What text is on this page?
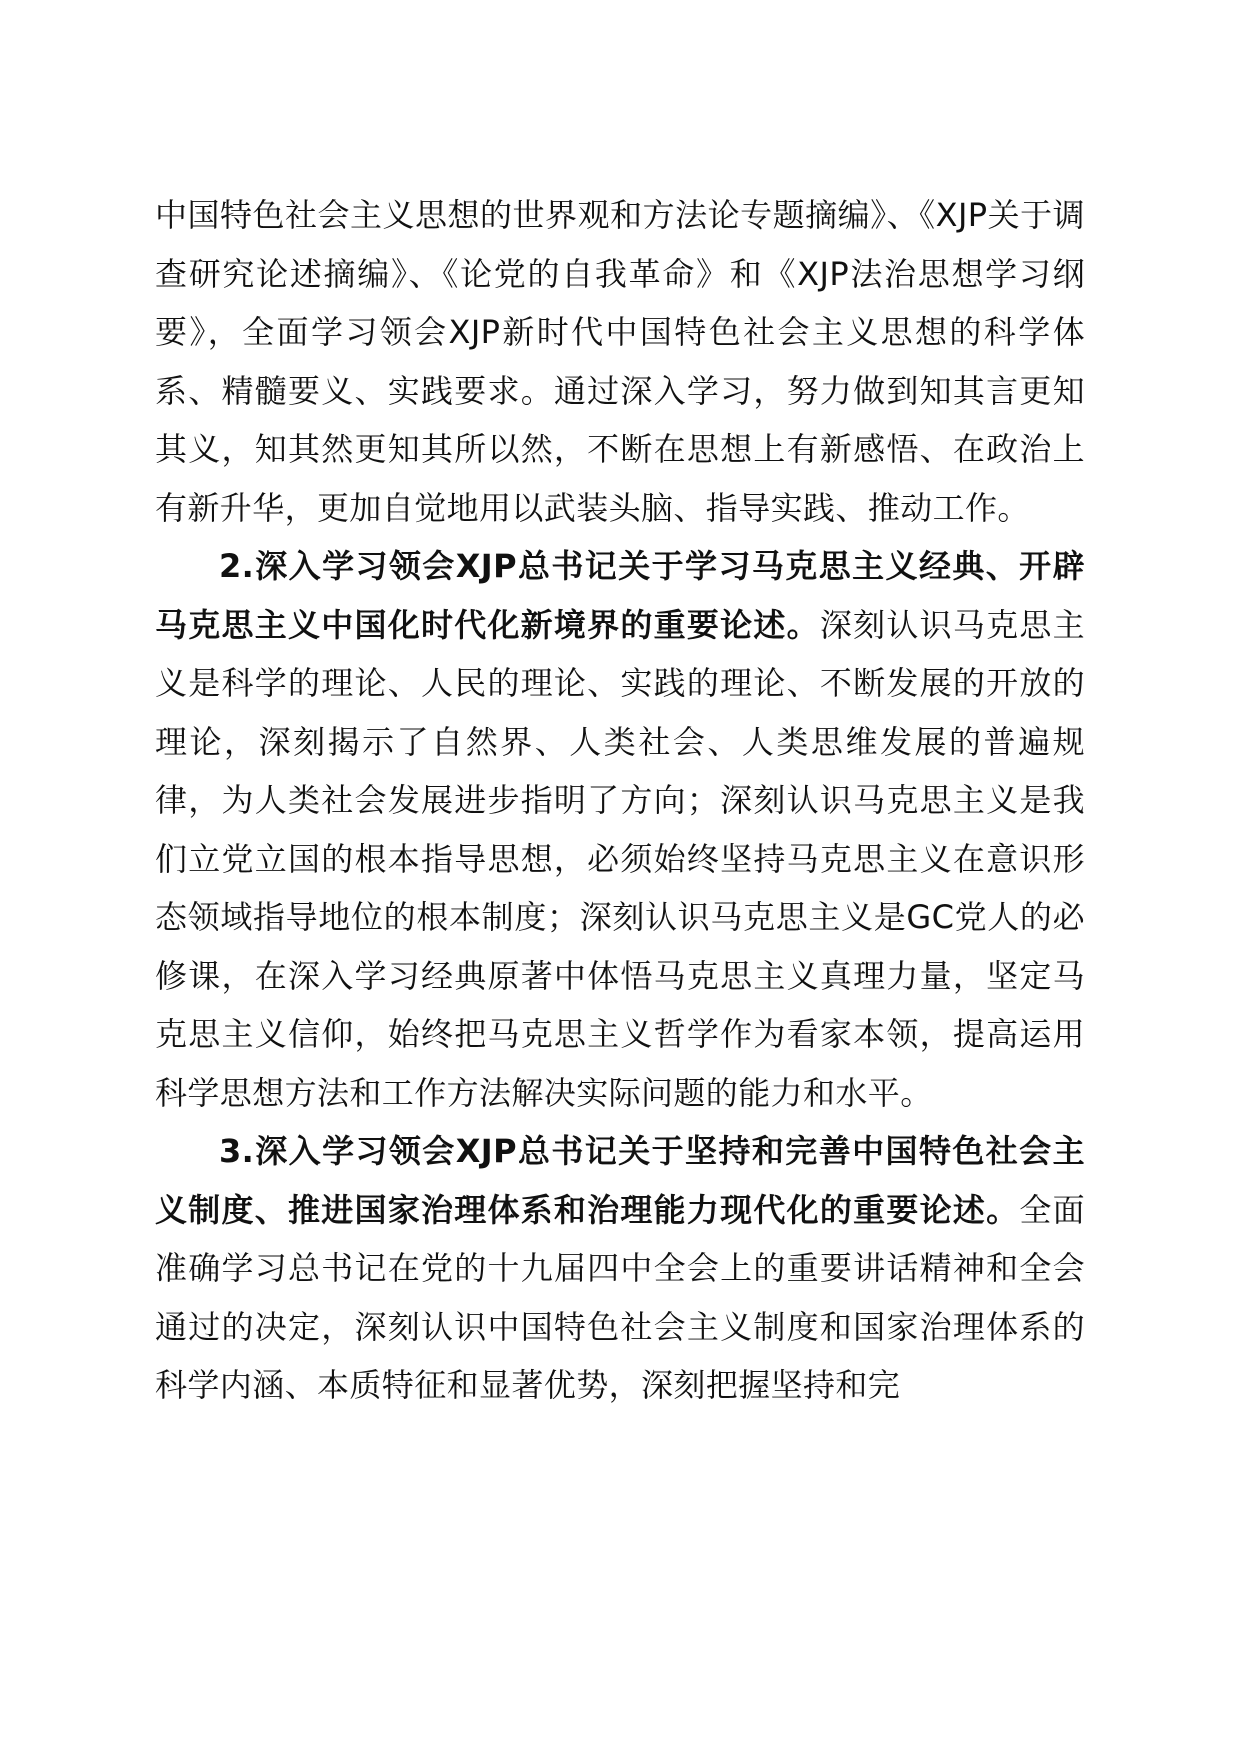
中国特色社会主义思想的世界观和方法论专题摘编》、《XJP关于调查研究论述摘编》、《论党的自我革命》和《XJP法治思想学习纲要》，全面学习领会XJP新时代中国特色社会主义思想的科学体系、精髓要义、实践要求。通过深入学习，努力做到知其言更知其义，知其然更知其所以然，不断在思想上有新感悟、在政治上有新升华，更加自觉地用以武装头脑、指导实践、推动工作。

2.深入学习领会XJP总书记关于学习马克思主义经典、开辟马克思主义中国化时代化新境界的重要论述。深刻认识马克思主义是科学的理论、人民的理论、实践的理论、不断发展的开放的理论，深刻揭示了自然界、人类社会、人类思维发展的普遍规律，为人类社会发展进步指明了方向；深刻认识马克思主义是我们立党立国的根本指导思想，必须始终坚持马克思主义在意识形态领域指导地位的根本制度；深刻认识马克思主义是GC党人的必修课，在深入学习经典原著中体悟马克思主义真理力量，坚定马克思主义信仰，始终把马克思主义哲学作为看家本领，提高运用科学思想方法和工作方法解决实际问题的能力和水平。

3.深入学习领会XJP总书记关于坚持和完善中国特色社会主义制度、推进国家治理体系和治理能力现代化的重要论述。全面准确学习总书记在党的十九届四中全会上的重要讲话精神和全会通过的决定，深刻认识中国特色社会主义制度和国家治理体系的科学内涵、本质特征和显著优势，深刻把握坚持和完
